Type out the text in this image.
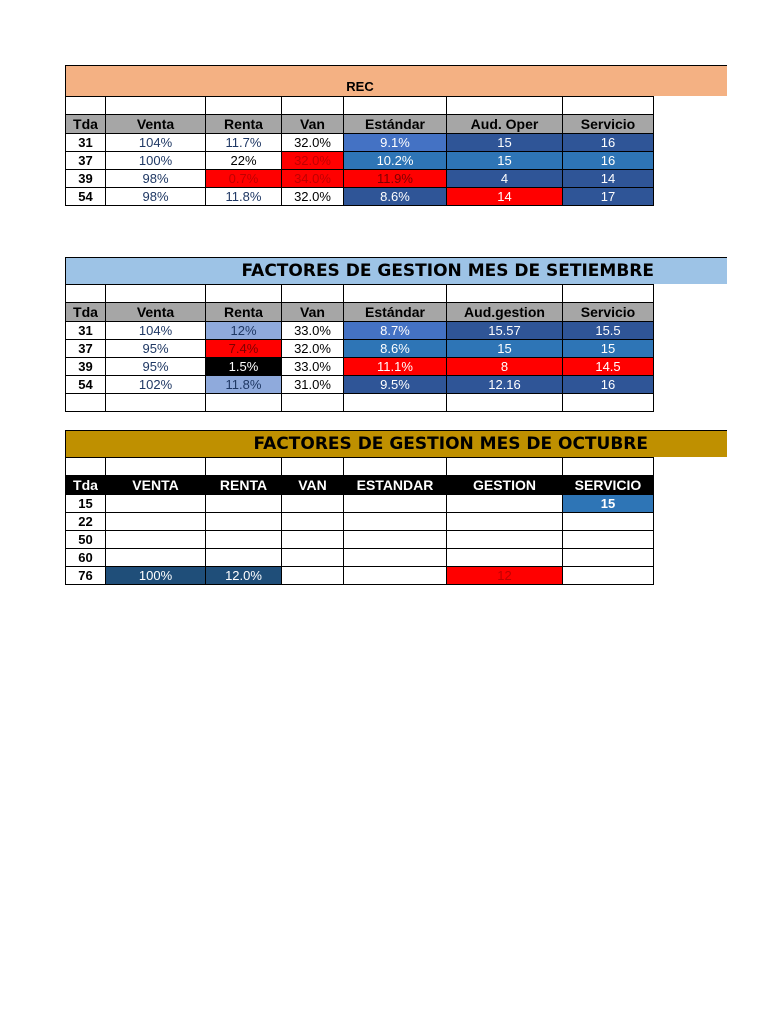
REC

Tda	Venta	Renta	Van	Estándar	Aud. Oper	Servicio
31	104%	11.7%	32.0%	9.1%	15	16
37	100%	22%	32.0%	10.2%	15	16
39	98%	0.7%	34.0%	11.9%	4	14
54	98%	11.8%	32.0%	8.6%	14	17
FACTORES DE GESTION MES DE SETIEMBRE

Tda	Venta	Renta	Van	Estándar	Aud.gestion	Servicio
31	104%	12%	33.0%	8.7%	15.57	15.5
37	95%	7.4%	32.0%	8.6%	15	15
39	95%	1.5%	33.0%	11.1%	8	14.5
54	102%	11.8%	31.0%	9.5%	12.16	16

FACTORES DE GESTION MES DE OCTUBRE

Tda	VENTA	RENTA	VAN	ESTANDAR	GESTION	SERVICIO
15						15
22						
50						
60						
76	100%	12.0%			12	
